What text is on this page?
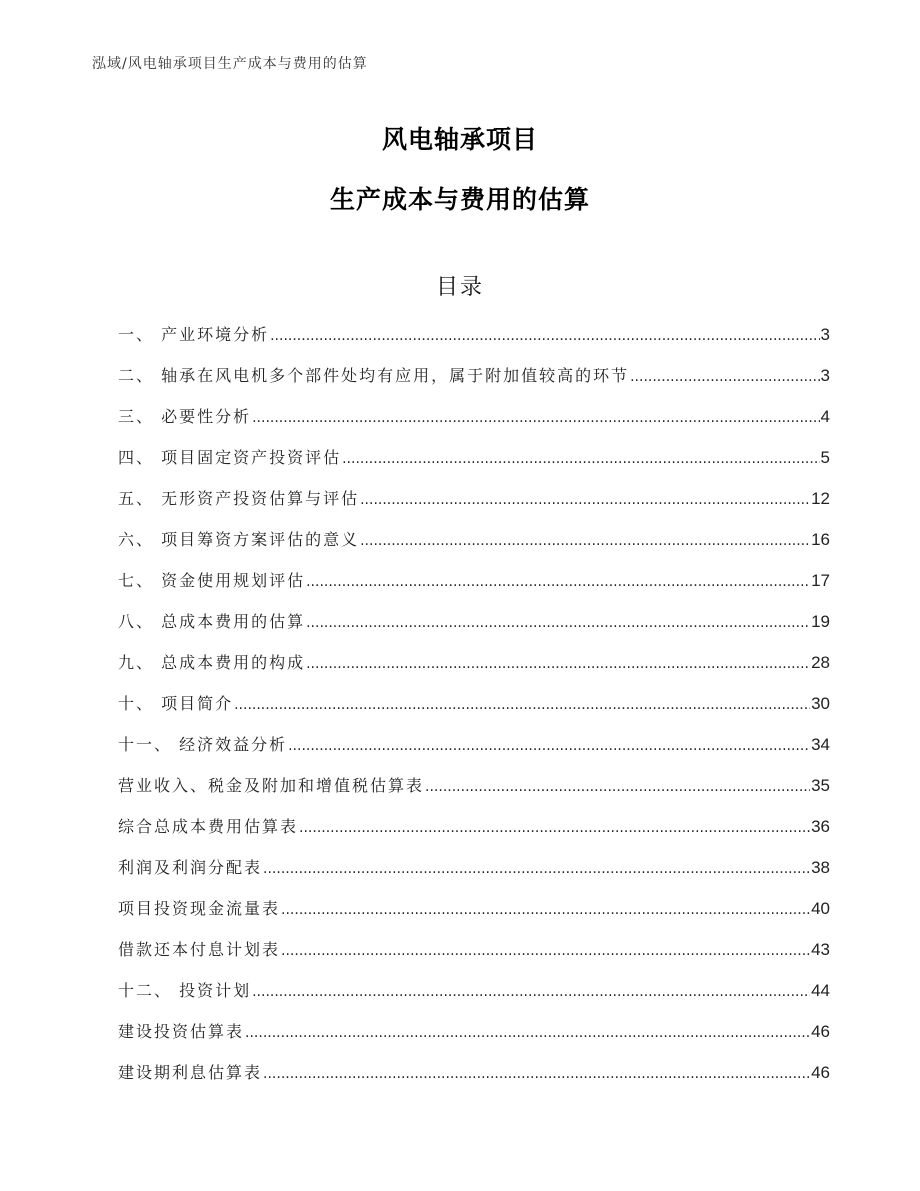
泓域/风电轴承项目生产成本与费用的估算
风电轴承项目
生产成本与费用的估算
目录
一、 产业环境分析 .....	3
二、 轴承在风电机多个部件处均有应用，属于附加值较高的环节 .....	3
三、 必要性分析 .....	4
四、 项目固定资产投资评估 .....	5
五、 无形资产投资估算与评估 .....	12
六、 项目筹资方案评估的意义 .....	16
七、 资金使用规划评估 .....	17
八、 总成本费用的估算 .....	19
九、 总成本费用的构成 .....	28
十、 项目简介 .....	30
十一、 经济效益分析 .....	34
营业收入、税金及附加和增值税估算表 .....	35
综合总成本费用估算表 .....	36
利润及利润分配表 .....	38
项目投资现金流量表 .....	40
借款还本付息计划表 .....	43
十二、 投资计划 .....	44
建设投资估算表 .....	46
建设期利息估算表 .....	46
